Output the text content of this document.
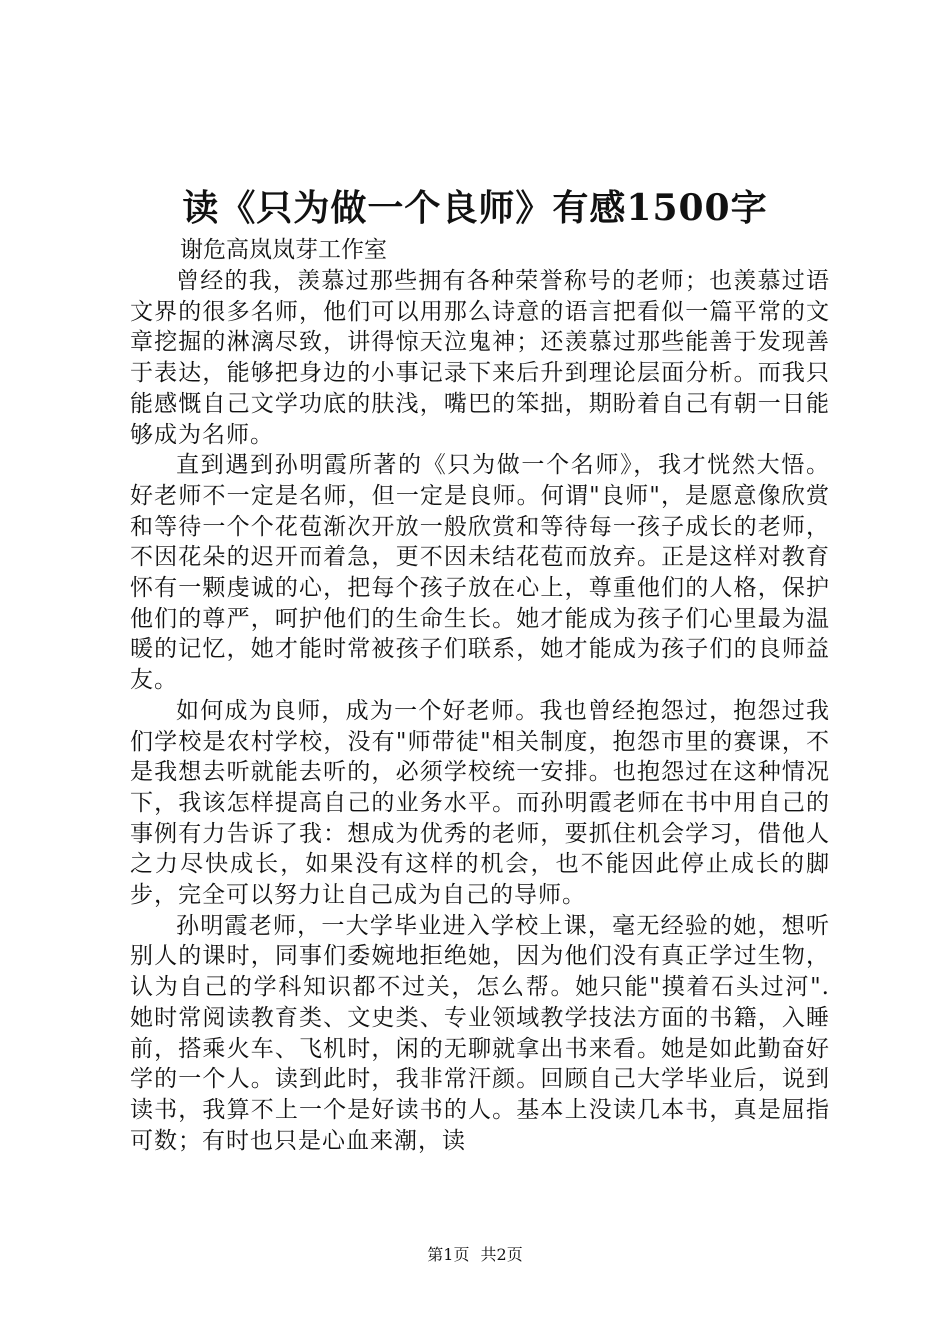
读《只为做一个良师》有感1500字
谢危高岚岚芽工作室

曾经的我，羡慕过那些拥有各种荣誉称号的老师；也羡慕过语文界的很多名师，他们可以用那么诗意的语言把看似一篇平常的文章挖掘的淋漓尽致，讲得惊天泣鬼神；还羡慕过那些能善于发现善于表达，能够把身边的小事记录下来后升到理论层面分析。而我只能感慨自己文学功底的肤浅，嘴巴的笨拙，期盼着自己有朝一日能够成为名师。

直到遇到孙明霞所著的《只为做一个名师》，我才恍然大悟。好老师不一定是名师，但一定是良师。何谓"良师"，是愿意像欣赏和等待一个个花苞渐次开放一般欣赏和等待每一孩子成长的老师，不因花朵的迟开而着急，更不因未结花苞而放弃。正是这样对教育怀有一颗虔诚的心，把每个孩子放在心上，尊重他们的人格，保护他们的尊严，呵护他们的生命生长。她才能成为孩子们心里最为温暖的记忆，她才能时常被孩子们联系，她才能成为孩子们的良师益友。

如何成为良师，成为一个好老师。我也曾经抱怨过，抱怨过我们学校是农村学校，没有"师带徒"相关制度，抱怨市里的赛课，不是我想去听就能去听的，必须学校统一安排。也抱怨过在这种情况下，我该怎样提高自己的业务水平。而孙明霞老师在书中用自己的事例有力告诉了我：想成为优秀的老师，要抓住机会学习，借他人之力尽快成长，如果没有这样的机会，也不能因此停止成长的脚步，完全可以努力让自己成为自己的导师。

孙明霞老师，一大学毕业进入学校上课，毫无经验的她，想听别人的课时，同事们委婉地拒绝她，因为他们没有真正学过生物，认为自己的学科知识都不过关，怎么帮。她只能"摸着石头过河".她时常阅读教育类、文史类、专业领域教学技法方面的书籍，入睡前，搭乘火车、飞机时，闲的无聊就拿出书来看。她是如此勤奋好学的一个人。读到此时，我非常汗颜。回顾自己大学毕业后，说到读书，我算不上一个是好读书的人。基本上没读几本书，真是屈指可数；有时也只是心血来潮，读

第1页 共2页
